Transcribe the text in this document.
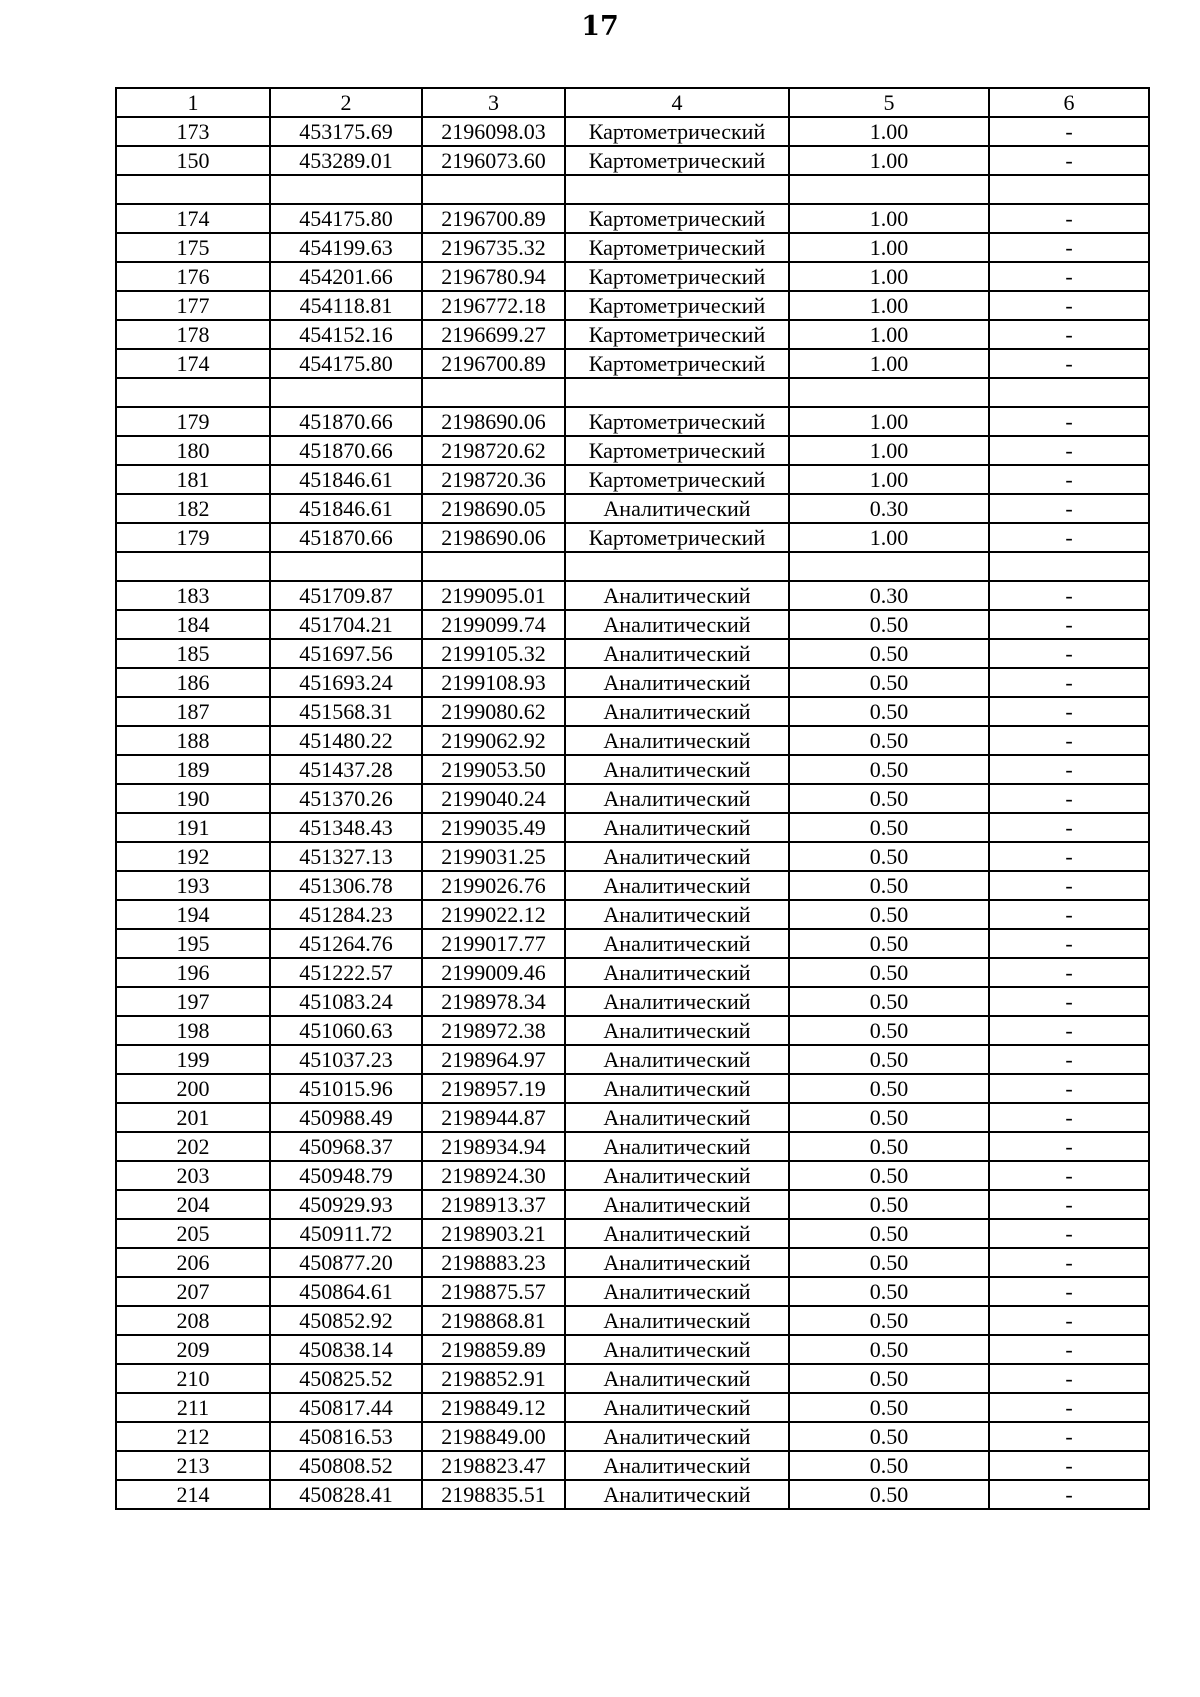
17
1	2	3	4	5	6
173	453175.69	2196098.03	Картометрический	1.00	-
150	453289.01	2196073.60	Картометрический	1.00	-

174	454175.80	2196700.89	Картометрический	1.00	-
175	454199.63	2196735.32	Картометрический	1.00	-
176	454201.66	2196780.94	Картометрический	1.00	-
177	454118.81	2196772.18	Картометрический	1.00	-
178	454152.16	2196699.27	Картометрический	1.00	-
174	454175.80	2196700.89	Картометрический	1.00	-

179	451870.66	2198690.06	Картометрический	1.00	-
180	451870.66	2198720.62	Картометрический	1.00	-
181	451846.61	2198720.36	Картометрический	1.00	-
182	451846.61	2198690.05	Аналитический	0.30	-
179	451870.66	2198690.06	Картометрический	1.00	-

183	451709.87	2199095.01	Аналитический	0.30	-
184	451704.21	2199099.74	Аналитический	0.50	-
185	451697.56	2199105.32	Аналитический	0.50	-
186	451693.24	2199108.93	Аналитический	0.50	-
187	451568.31	2199080.62	Аналитический	0.50	-
188	451480.22	2199062.92	Аналитический	0.50	-
189	451437.28	2199053.50	Аналитический	0.50	-
190	451370.26	2199040.24	Аналитический	0.50	-
191	451348.43	2199035.49	Аналитический	0.50	-
192	451327.13	2199031.25	Аналитический	0.50	-
193	451306.78	2199026.76	Аналитический	0.50	-
194	451284.23	2199022.12	Аналитический	0.50	-
195	451264.76	2199017.77	Аналитический	0.50	-
196	451222.57	2199009.46	Аналитический	0.50	-
197	451083.24	2198978.34	Аналитический	0.50	-
198	451060.63	2198972.38	Аналитический	0.50	-
199	451037.23	2198964.97	Аналитический	0.50	-
200	451015.96	2198957.19	Аналитический	0.50	-
201	450988.49	2198944.87	Аналитический	0.50	-
202	450968.37	2198934.94	Аналитический	0.50	-
203	450948.79	2198924.30	Аналитический	0.50	-
204	450929.93	2198913.37	Аналитический	0.50	-
205	450911.72	2198903.21	Аналитический	0.50	-
206	450877.20	2198883.23	Аналитический	0.50	-
207	450864.61	2198875.57	Аналитический	0.50	-
208	450852.92	2198868.81	Аналитический	0.50	-
209	450838.14	2198859.89	Аналитический	0.50	-
210	450825.52	2198852.91	Аналитический	0.50	-
211	450817.44	2198849.12	Аналитический	0.50	-
212	450816.53	2198849.00	Аналитический	0.50	-
213	450808.52	2198823.47	Аналитический	0.50	-
214	450828.41	2198835.51	Аналитический	0.50	-
